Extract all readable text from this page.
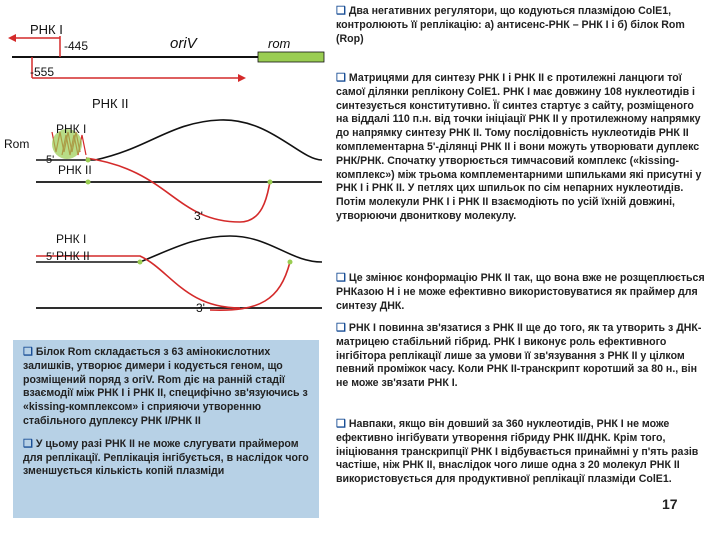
РНК I
-445	oriV	rom
-555
РНК II
РНК I
Rom
5'
РНК II
3'
РНК I
5' РНК II
3'
❑ Два негативних регулятори, що кодуються плазмідою ColE1, контролюють її реплікацію: а) антисенс-РНК – РНК I і б) білок Rom (Rop)
❑ Матрицями для синтезу РНК I і РНК II є протилежні ланцюги тої самої ділянки реплікону ColE1. РНК I має довжину 108 нуклеотидів і синтезується конститутивно. Її синтез стартує з сайту, розміщеного на віддалі 110 п.н. від точки ініціації РНК II у протилежному напрямку до напрямку синтезу РНК II. Тому послідовність нуклеотидів РНК II комплементарна 5'-ділянці РНК II і вони можуть утворювати дуплекс РНК/РНК. Спочатку утворюється тимчасовий комплекс («kissing-комплекс») між трьома комплементарними шпильками які присутні у РНК I і РНК II. У петлях цих шпильок по сім непарних нуклеотидів. Потім молекули РНК I і РНК II взаємодіють по усій їхній довжині, утворюючи двониткову молекулу.
❑ Це змінює конформацію РНК II так, що вона вже не розщеплюється РНКазою Н і не може ефективно використовуватися як праймер для синтезу ДНК.
❑ РНК I повинна зв'язатися з РНК II ще до того, як та утворить з ДНК-матрицею стабільний гібрид. РНК I виконує роль ефективного інгібітора реплікації лише за умови її зв'язування з РНК II у цілком певний проміжок часу. Коли РНК II-транскрипт коротший за 80 н., він не може зв'язати РНК I.
❑ Навпаки, якщо він довший за 360 нуклеотидів, РНК I не може ефективно інгібувати утворення гібриду РНК II/ДНК. Крім того, ініціювання транскрипції РНК I відбувається принаймні у п'ять разів частіше, ніж РНК II, внаслідок чого лише одна з 20 молекул РНК II використовується для продуктивної реплікації плазміди ColE1.
❑ Білок Rom складається з 63 амінокислотних залишків, утворює димери і кодується геном, що розміщений поряд з oriV. Rom діє на ранній стадії взаємодії між РНК I і РНК II, специфічно зв'язуючись з «kissing-комплексом» і сприяючи утворенню стабільного дуплексу РНК I/РНК II
❑ У цьому разі РНК II не може слугувати праймером для реплікації. Реплікація інгібується, в наслідок чого зменшується кількість копій плазміди
17
